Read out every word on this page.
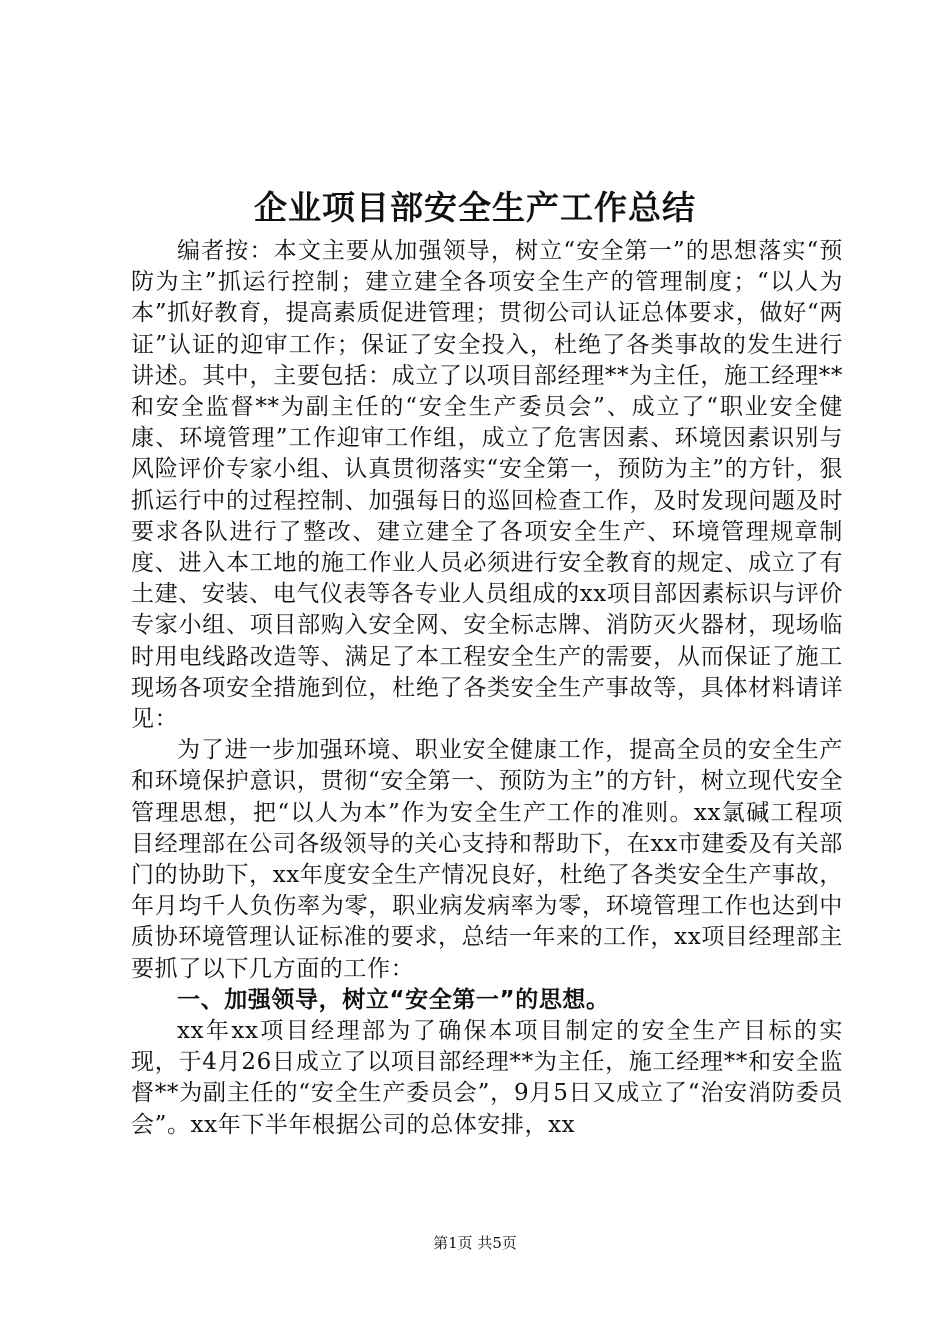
企业项目部安全生产工作总结

编者按：本文主要从加强领导，树立“安全第一”的思想落实“预防为主”抓运行控制；建立建全各项安全生产的管理制度；“以人为本”抓好教育，提高素质促进管理；贯彻公司认证总体要求，做好“两证”认证的迎审工作；保证了安全投入，杜绝了各类事故的发生进行讲述。其中，主要包括：成立了以项目部经理**为主任，施工经理**和安全监督**为副主任的“安全生产委员会”、成立了“职业安全健康、环境管理”工作迎审工作组，成立了危害因素、环境因素识别与风险评价专家小组、认真贯彻落实“安全第一，预防为主”的方针，狠抓运行中的过程控制、加强每日的巡回检查工作，及时发现问题及时要求各队进行了整改、建立建全了各项安全生产、环境管理规章制度、进入本工地的施工作业人员必须进行安全教育的规定、成立了有土建、安装、电气仪表等各专业人员组成的xx项目部因素标识与评价专家小组、项目部购入安全网、安全标志牌、消防灭火器材，现场临时用电线路改造等、满足了本工程安全生产的需要，从而保证了施工现场各项安全措施到位，杜绝了各类安全生产事故等，具体材料请详见：

为了进一步加强环境、职业安全健康工作，提高全员的安全生产和环境保护意识，贯彻“安全第一、预防为主”的方针，树立现代安全管理思想，把“以人为本”作为安全生产工作的准则。xx氯碱工程项目经理部在公司各级领导的关心支持和帮助下，在xx市建委及有关部门的协助下，xx年度安全生产情况良好，杜绝了各类安全生产事故，年月均千人负伤率为零，职业病发病率为零，环境管理工作也达到中质协环境管理认证标准的要求，总结一年来的工作，xx项目经理部主要抓了以下几方面的工作：

一、加强领导，树立“安全第一”的思想。

xx年xx项目经理部为了确保本项目制定的安全生产目标的实现，于4月26日成立了以项目部经理**为主任，施工经理**和安全监督**为副主任的“安全生产委员会”，9月5日又成立了“治安消防委员会”。xx年下半年根据公司的总体安排，xx

第1页 共5页
